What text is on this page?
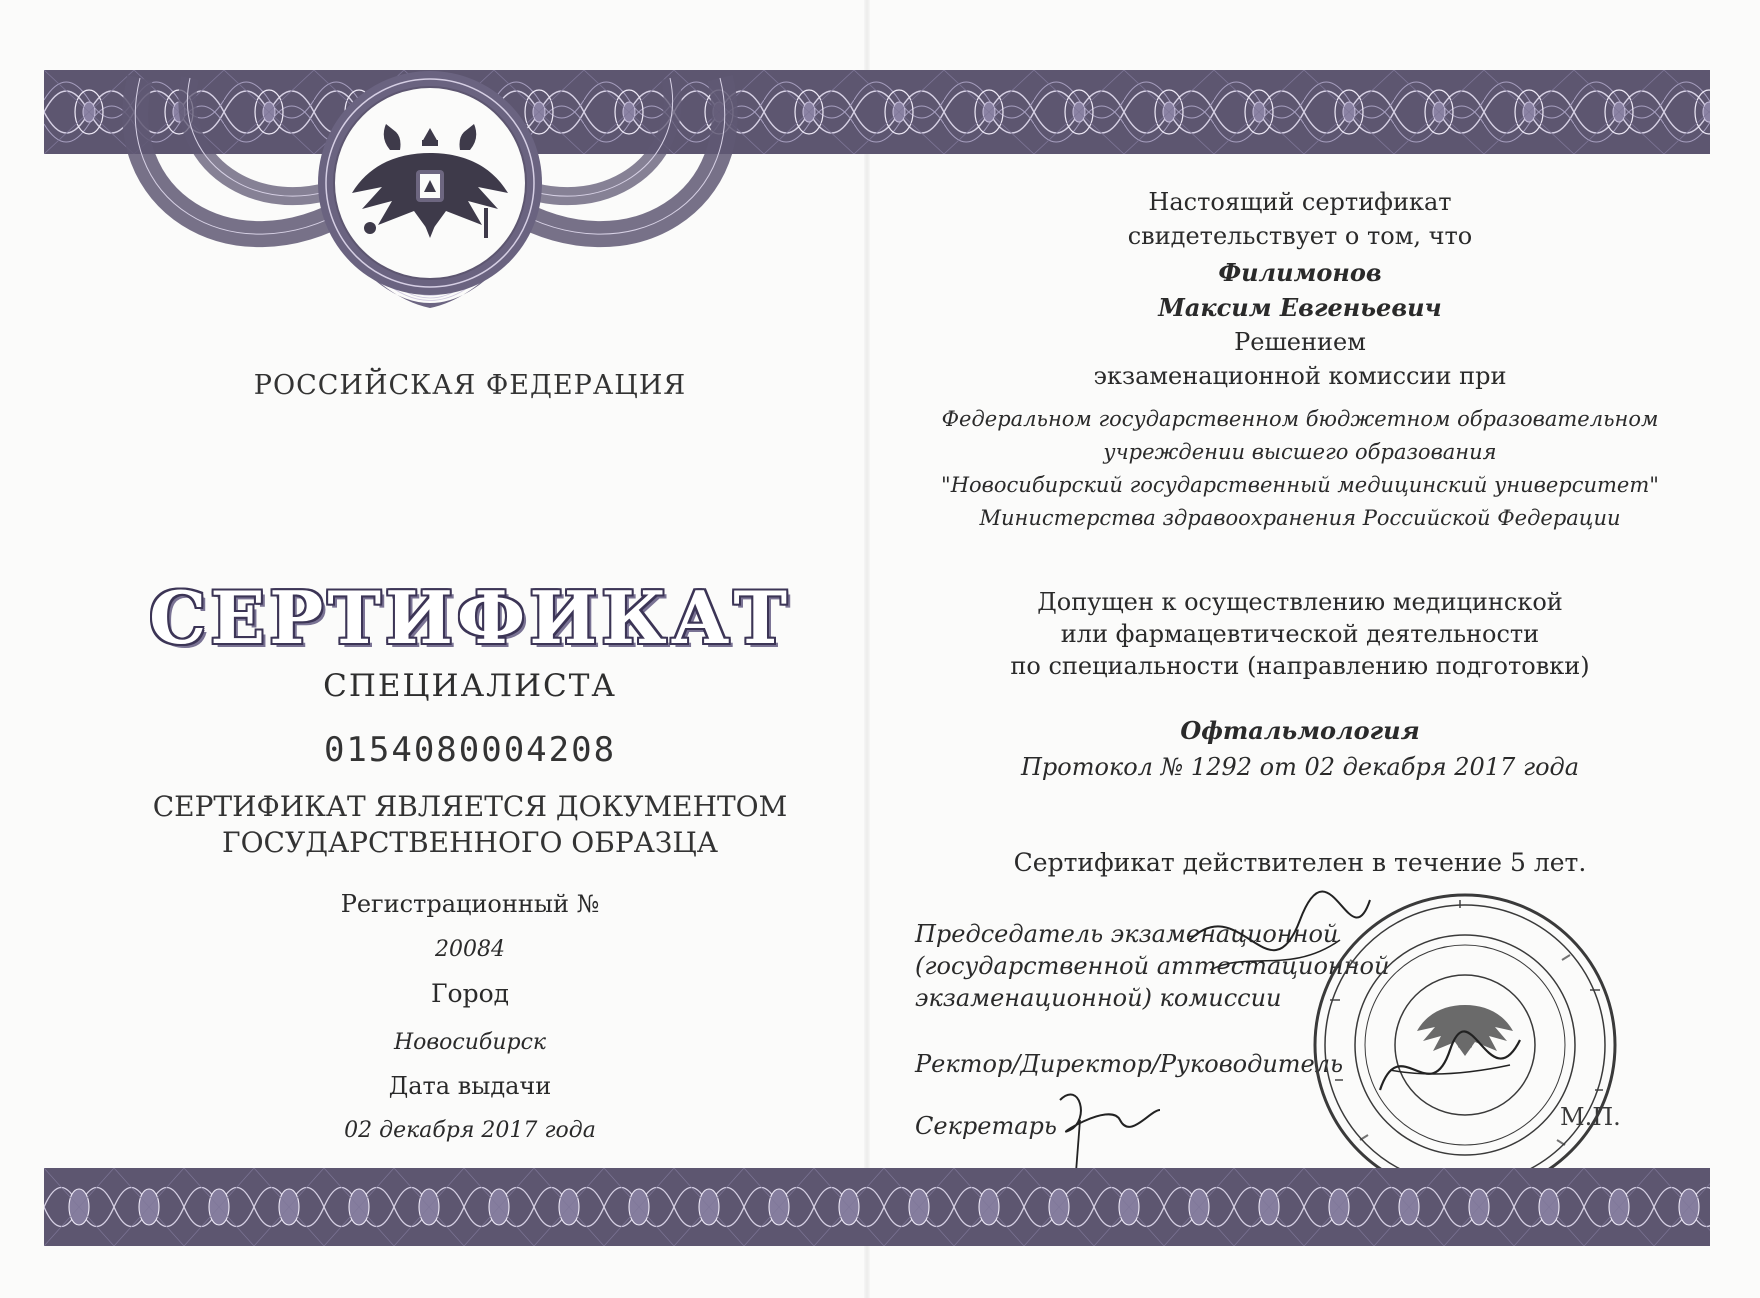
РОССИЙСКАЯ ФЕДЕРАЦИЯ
СЕРТИФИКАТ
СПЕЦИАЛИСТА
0154080004208
СЕРТИФИКАТ ЯВЛЯЕТСЯ ДОКУМЕНТОМ
ГОСУДАРСТВЕННОГО ОБРАЗЦА
Регистрационный №
20084
Город
Новосибирск
Дата выдачи
02 декабря 2017 года
Настоящий сертификат
свидетельствует о том, что
Филимонов
Максим Евгеньевич
Решением
экзаменационной комиссии при
Федеральном государственном бюджетном образовательном
учреждении высшего образования
"Новосибирский государственный медицинский университет"
Министерства здравоохранения Российской Федерации
Допущен к осуществлению медицинской
или фармацевтической деятельности
по специальности (направлению подготовки)
Офтальмология
Протокол № 1292 от 02 декабря 2017 года
Сертификат действителен в течение 5 лет.
Председатель экзаменационной
(государственной аттестационной
экзаменационной) комиссии
Ректор/Директор/Руководитель
Секретарь	М.П.
